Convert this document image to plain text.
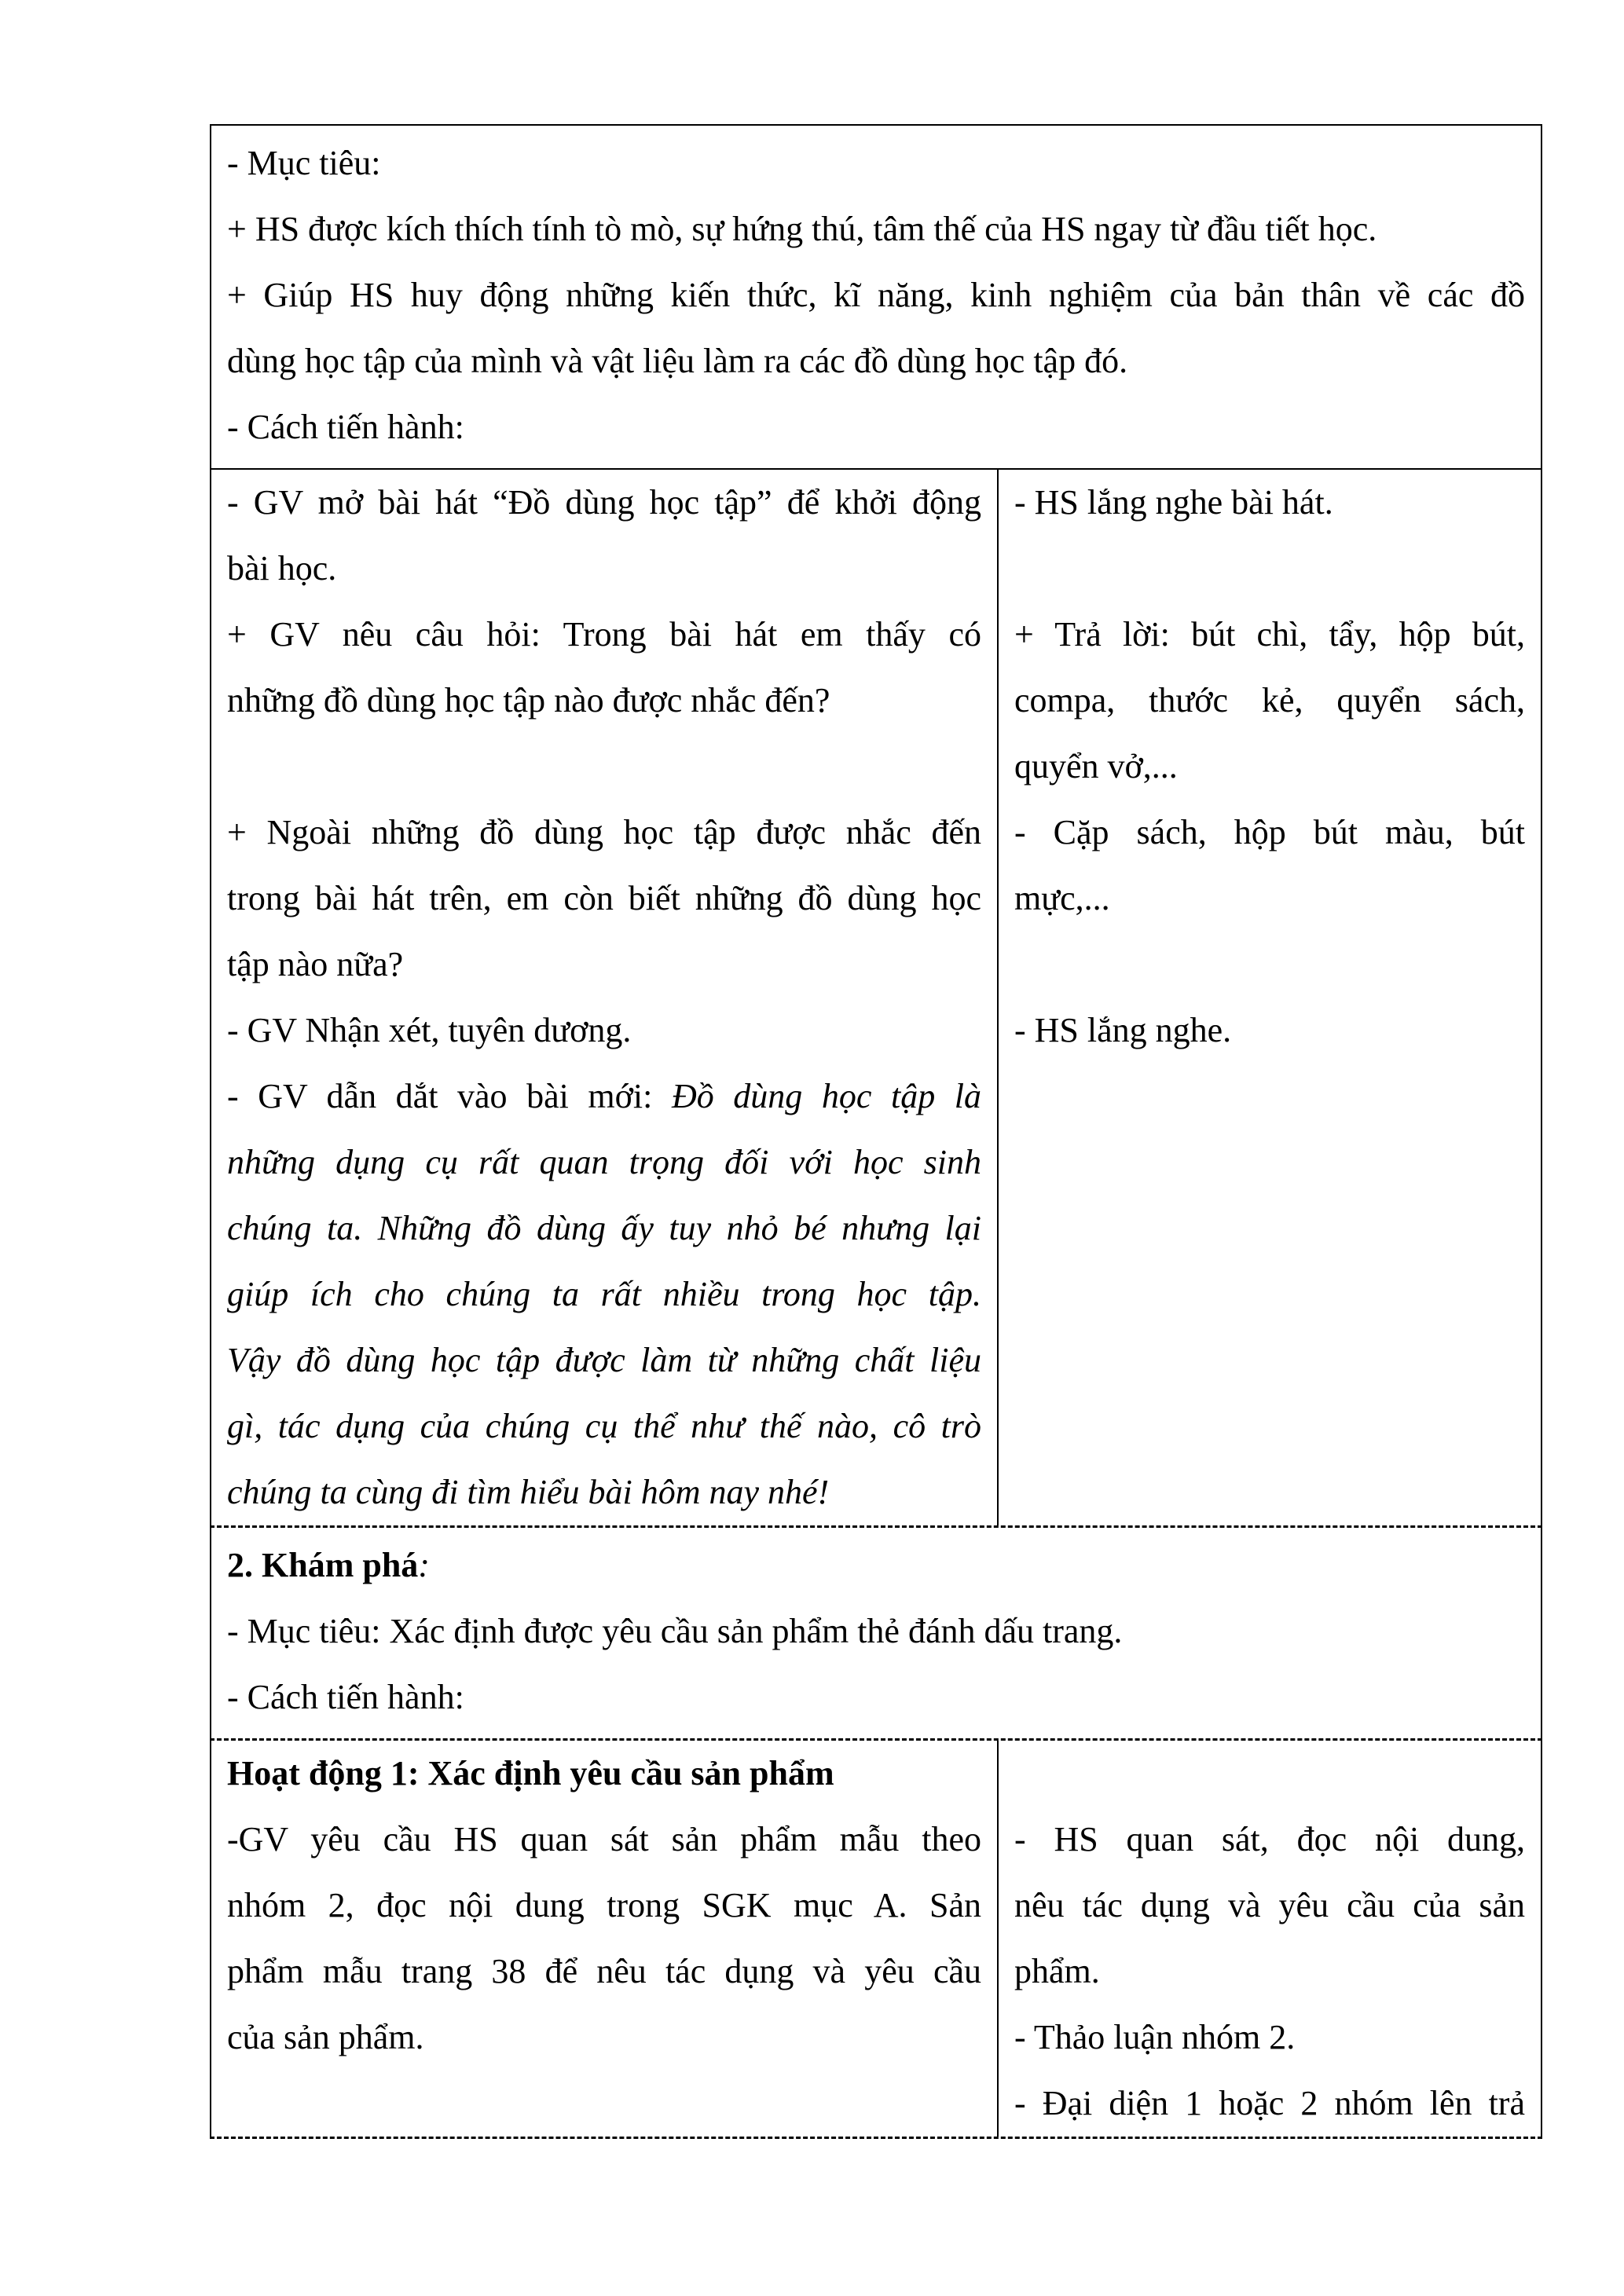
- Mục tiêu:
+ HS được kích thích tính tò mò, sự hứng thú, tâm thế của HS ngay từ đầu tiết học.
+ Giúp HS huy động những kiến thức, kĩ năng, kinh nghiệm của bản thân về các đồ
dùng học tập của mình và vật liệu làm ra các đồ dùng học tập đó.
- Cách tiến hành:
- GV mở bài hát “Đồ dùng học tập” để khởi động
bài học.
+ GV nêu câu hỏi: Trong bài hát em thấy có
những đồ dùng học tập nào được nhắc đến?
+ Ngoài những đồ dùng học tập được nhắc đến
trong bài hát trên, em còn biết những đồ dùng học
tập nào nữa?
- GV Nhận xét, tuyên dương.
- GV dẫn dắt vào bài mới: Đồ dùng học tập là
những dụng cụ rất quan trọng đối với học sinh
chúng ta. Những đồ dùng ấy tuy nhỏ bé nhưng lại
giúp ích cho chúng ta rất nhiều trong học tập.
Vậy đồ dùng học tập được làm từ những chất liệu
gì, tác dụng của chúng cụ thể như thế nào, cô trò
chúng ta cùng đi tìm hiểu bài hôm nay nhé!
- HS lắng nghe bài hát.
+ Trả lời: bút chì, tẩy, hộp bút,
compa, thước kẻ, quyển sách,
quyển vở,...
- Cặp sách, hộp bút màu, bút
mực,...
- HS lắng nghe.
2. Khám phá:
- Mục tiêu: Xác định được yêu cầu sản phẩm thẻ đánh dấu trang.
- Cách tiến hành:
Hoạt động 1: Xác định yêu cầu sản phẩm
-GV yêu cầu HS quan sát sản phẩm mẫu theo
nhóm 2, đọc nội dung trong SGK mục A. Sản
phẩm mẫu trang 38 để nêu tác dụng và yêu cầu
của sản phẩm.
- HS quan sát, đọc nội dung,
nêu tác dụng và yêu cầu của sản
phẩm.
- Thảo luận nhóm 2.
- Đại diện 1 hoặc 2 nhóm lên trả
